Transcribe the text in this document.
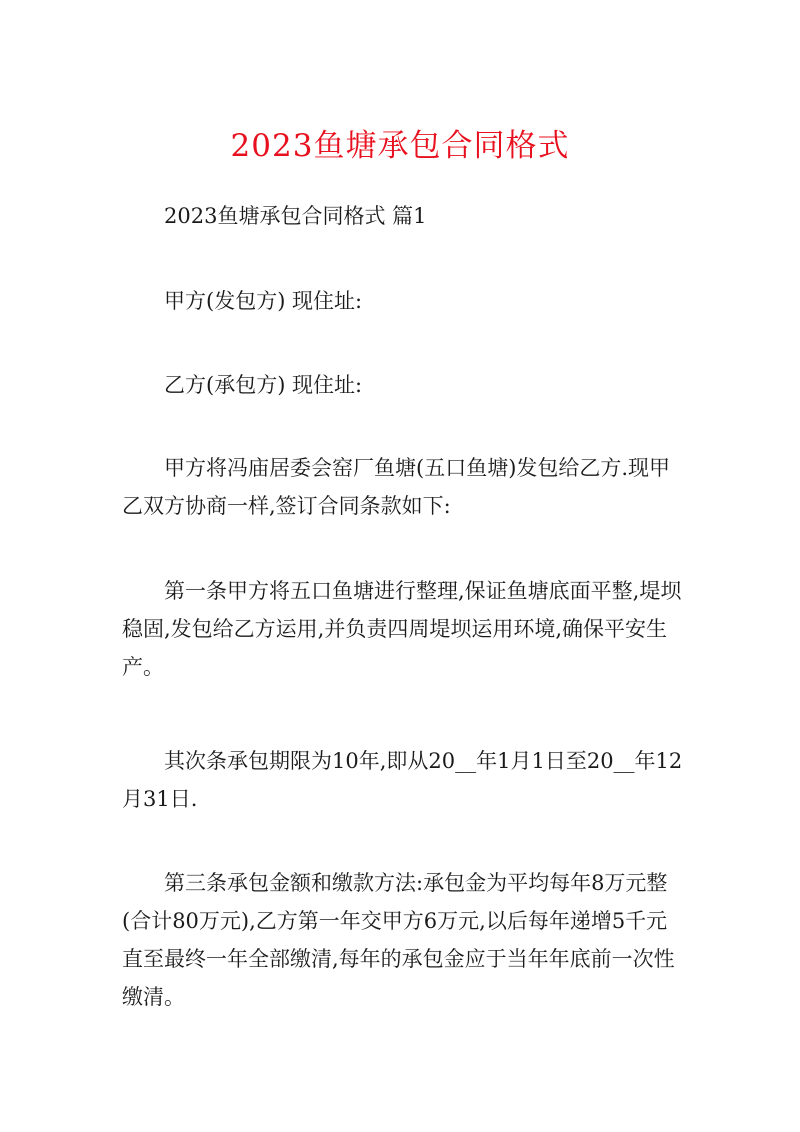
2023鱼塘承包合同格式

2023鱼塘承包合同格式 篇1

甲方(发包方) 现住址:

乙方(承包方) 现住址:

甲方将冯庙居委会窑厂鱼塘(五口鱼塘)发包给乙方.现甲乙双方协商一样,签订合同条款如下:

第一条甲方将五口鱼塘进行整理,保证鱼塘底面平整,堤坝稳固,发包给乙方运用,并负责四周堤坝运用环境,确保平安生产。

其次条承包期限为10年,即从20__年1月1日至20__年12月31日.

第三条承包金额和缴款方法:承包金为平均每年8万元整(合计80万元),乙方第一年交甲方6万元,以后每年递增5千元直至最终一年全部缴清,每年的承包金应于当年年底前一次性缴清。
